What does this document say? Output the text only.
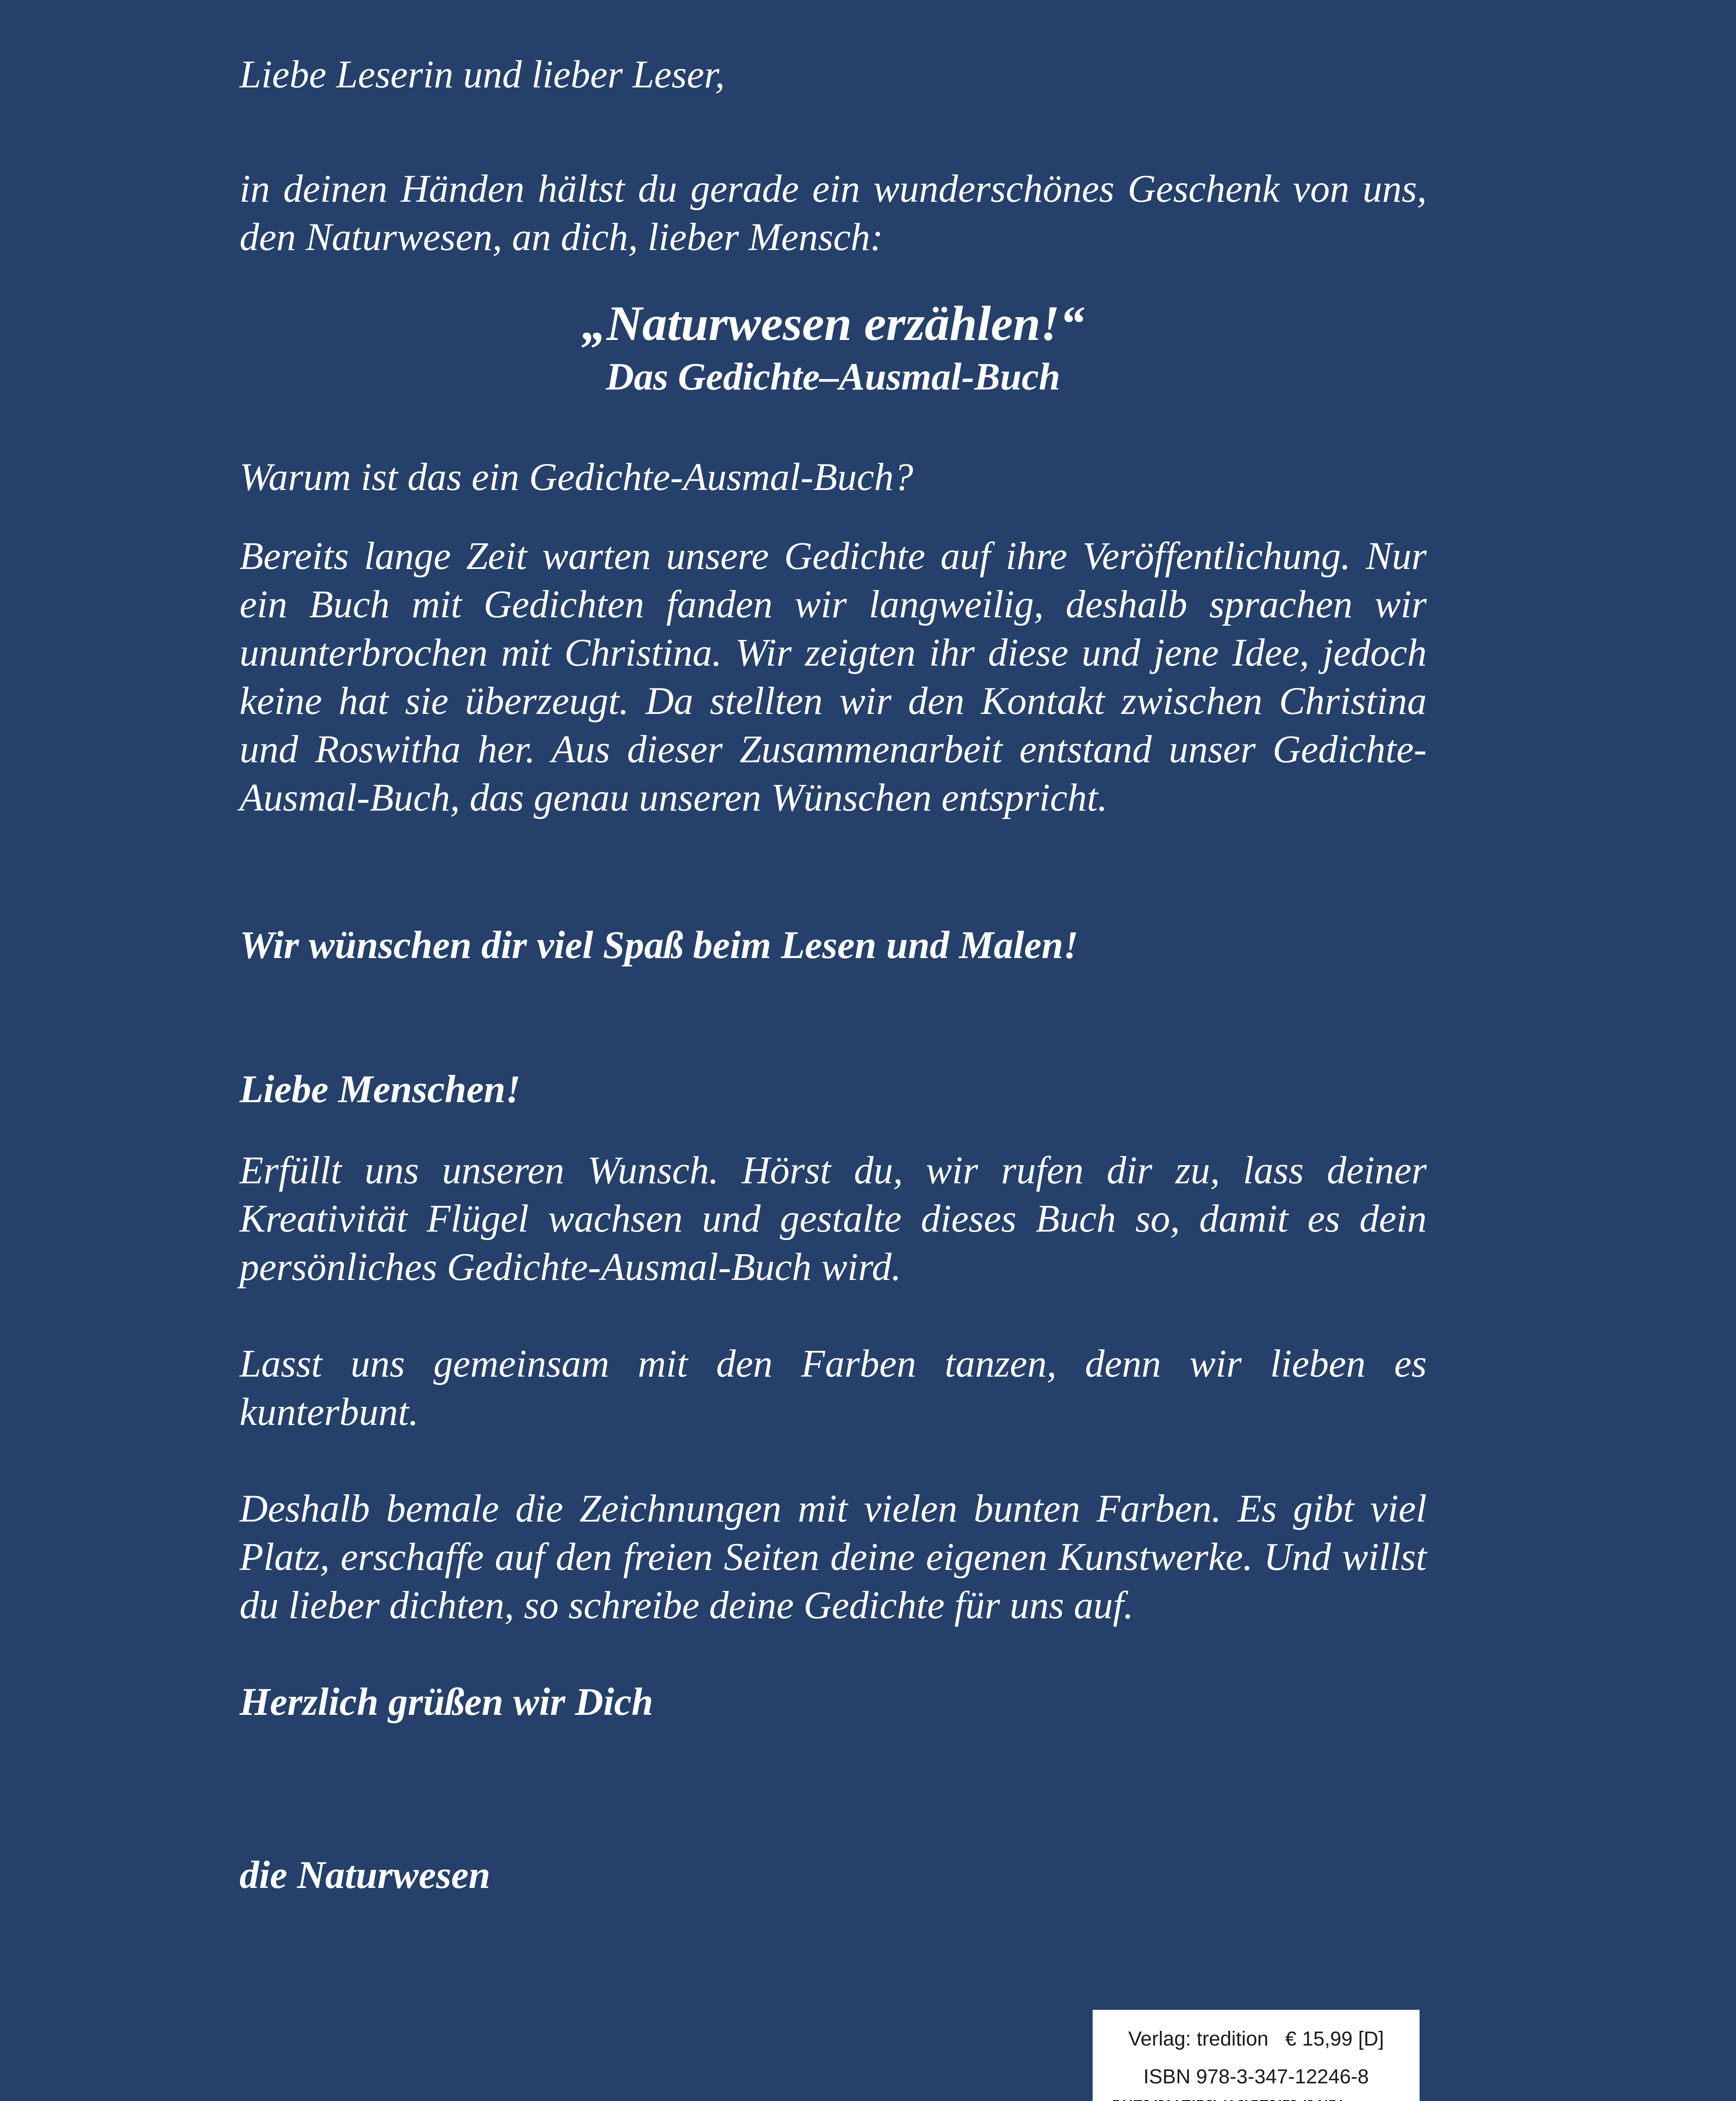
Liebe Leserin und lieber Leser,

in deinen Händen hältst du gerade ein wunderschönes Geschenk von uns, den Naturwesen, an dich, lieber Mensch:

„Naturwesen erzählen!“
Das Gedichte–Ausmal-Buch

Warum ist das ein Gedichte-Ausmal-Buch?

Bereits lange Zeit warten unsere Gedichte auf ihre Veröffentlichung. Nur ein Buch mit Gedichten fanden wir langweilig, deshalb sprachen wir ununterbrochen mit Christina. Wir zeigten ihr diese und jene Idee, jedoch keine hat sie überzeugt. Da stellten wir den Kontakt zwischen Christina und Roswitha her. Aus dieser Zusammenarbeit entstand unser Gedichte-Ausmal-Buch, das genau unseren Wünschen entspricht.

Wir wünschen dir viel Spaß beim Lesen und Malen!

Liebe Menschen!

Erfüllt uns unseren Wunsch. Hörst du, wir rufen dir zu, lass deiner Kreativität Flügel wachsen und gestalte dieses Buch so, damit es dein persönliches Gedichte-Ausmal-Buch wird.

Lasst uns gemeinsam mit den Farben tanzen, denn wir lieben es kunterbunt.

Deshalb bemale die Zeichnungen mit vielen bunten Farben. Es gibt viel Platz, erschaffe auf den freien Seiten deine eigenen Kunstwerke. Und willst du lieber dichten, so schreibe deine Gedichte für uns auf.

Herzlich grüßen wir Dich

die Naturwesen

Verlag: tredition   € 15,99 [D]
ISBN 978-3-347-12246-8
